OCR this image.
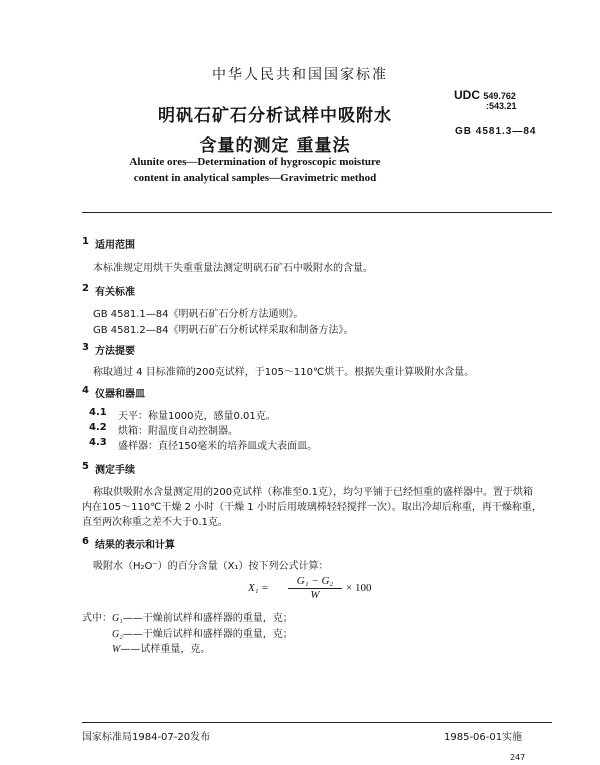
中华人民共和国国家标准
UDC 549.762
:543.21
GB 4581.3—84
明矾石矿石分析试样中吸附水
含量的测定 重量法
Alunite ores—Determination of hygroscopic moisture
content in analytical samples—Gravimetric method
1 适用范围
本标准规定用烘干失重重量法测定明矾石矿石中吸附水的含量。
2 有关标准
GB 4581.1—84《明矾石矿石分析方法通则》。
GB 4581.2—84《明矾石矿石分析试样采取和制备方法》。
3 方法提要
称取通过 4 目标准筛的200克试样，于105～110℃烘干。根据失重计算吸附水含量。
4 仪器和器皿
4.1 天平：称量1000克，感量0.01克。
4.2 烘箱：附温度自动控制器。
4.3 盛样器：直径150毫米的培养皿或大表面皿。
5 测定手续
称取供吸附水含量测定用的200克试样（称准至0.1克），均匀平铺于已经恒重的盛样器中。置于烘箱
内在105～110℃干燥 2 小时（干燥 1 小时后用玻璃棒轻轻搅拌一次）。取出冷却后称重，再干燥称重，
直至两次称重之差不大于0.1克。
6 结果的表示和计算
吸附水（H₂O⁻）的百分含量（X₁）按下列公式计算：
X₁ =
G₁ − G₂
W
× 100
式中： G₁——干燥前试样和盛样器的重量，克；
G₂——干燥后试样和盛样器的重量，克；
W——试样重量，克。
国家标准局1984-07-20发布	1985-06-01实施
247
